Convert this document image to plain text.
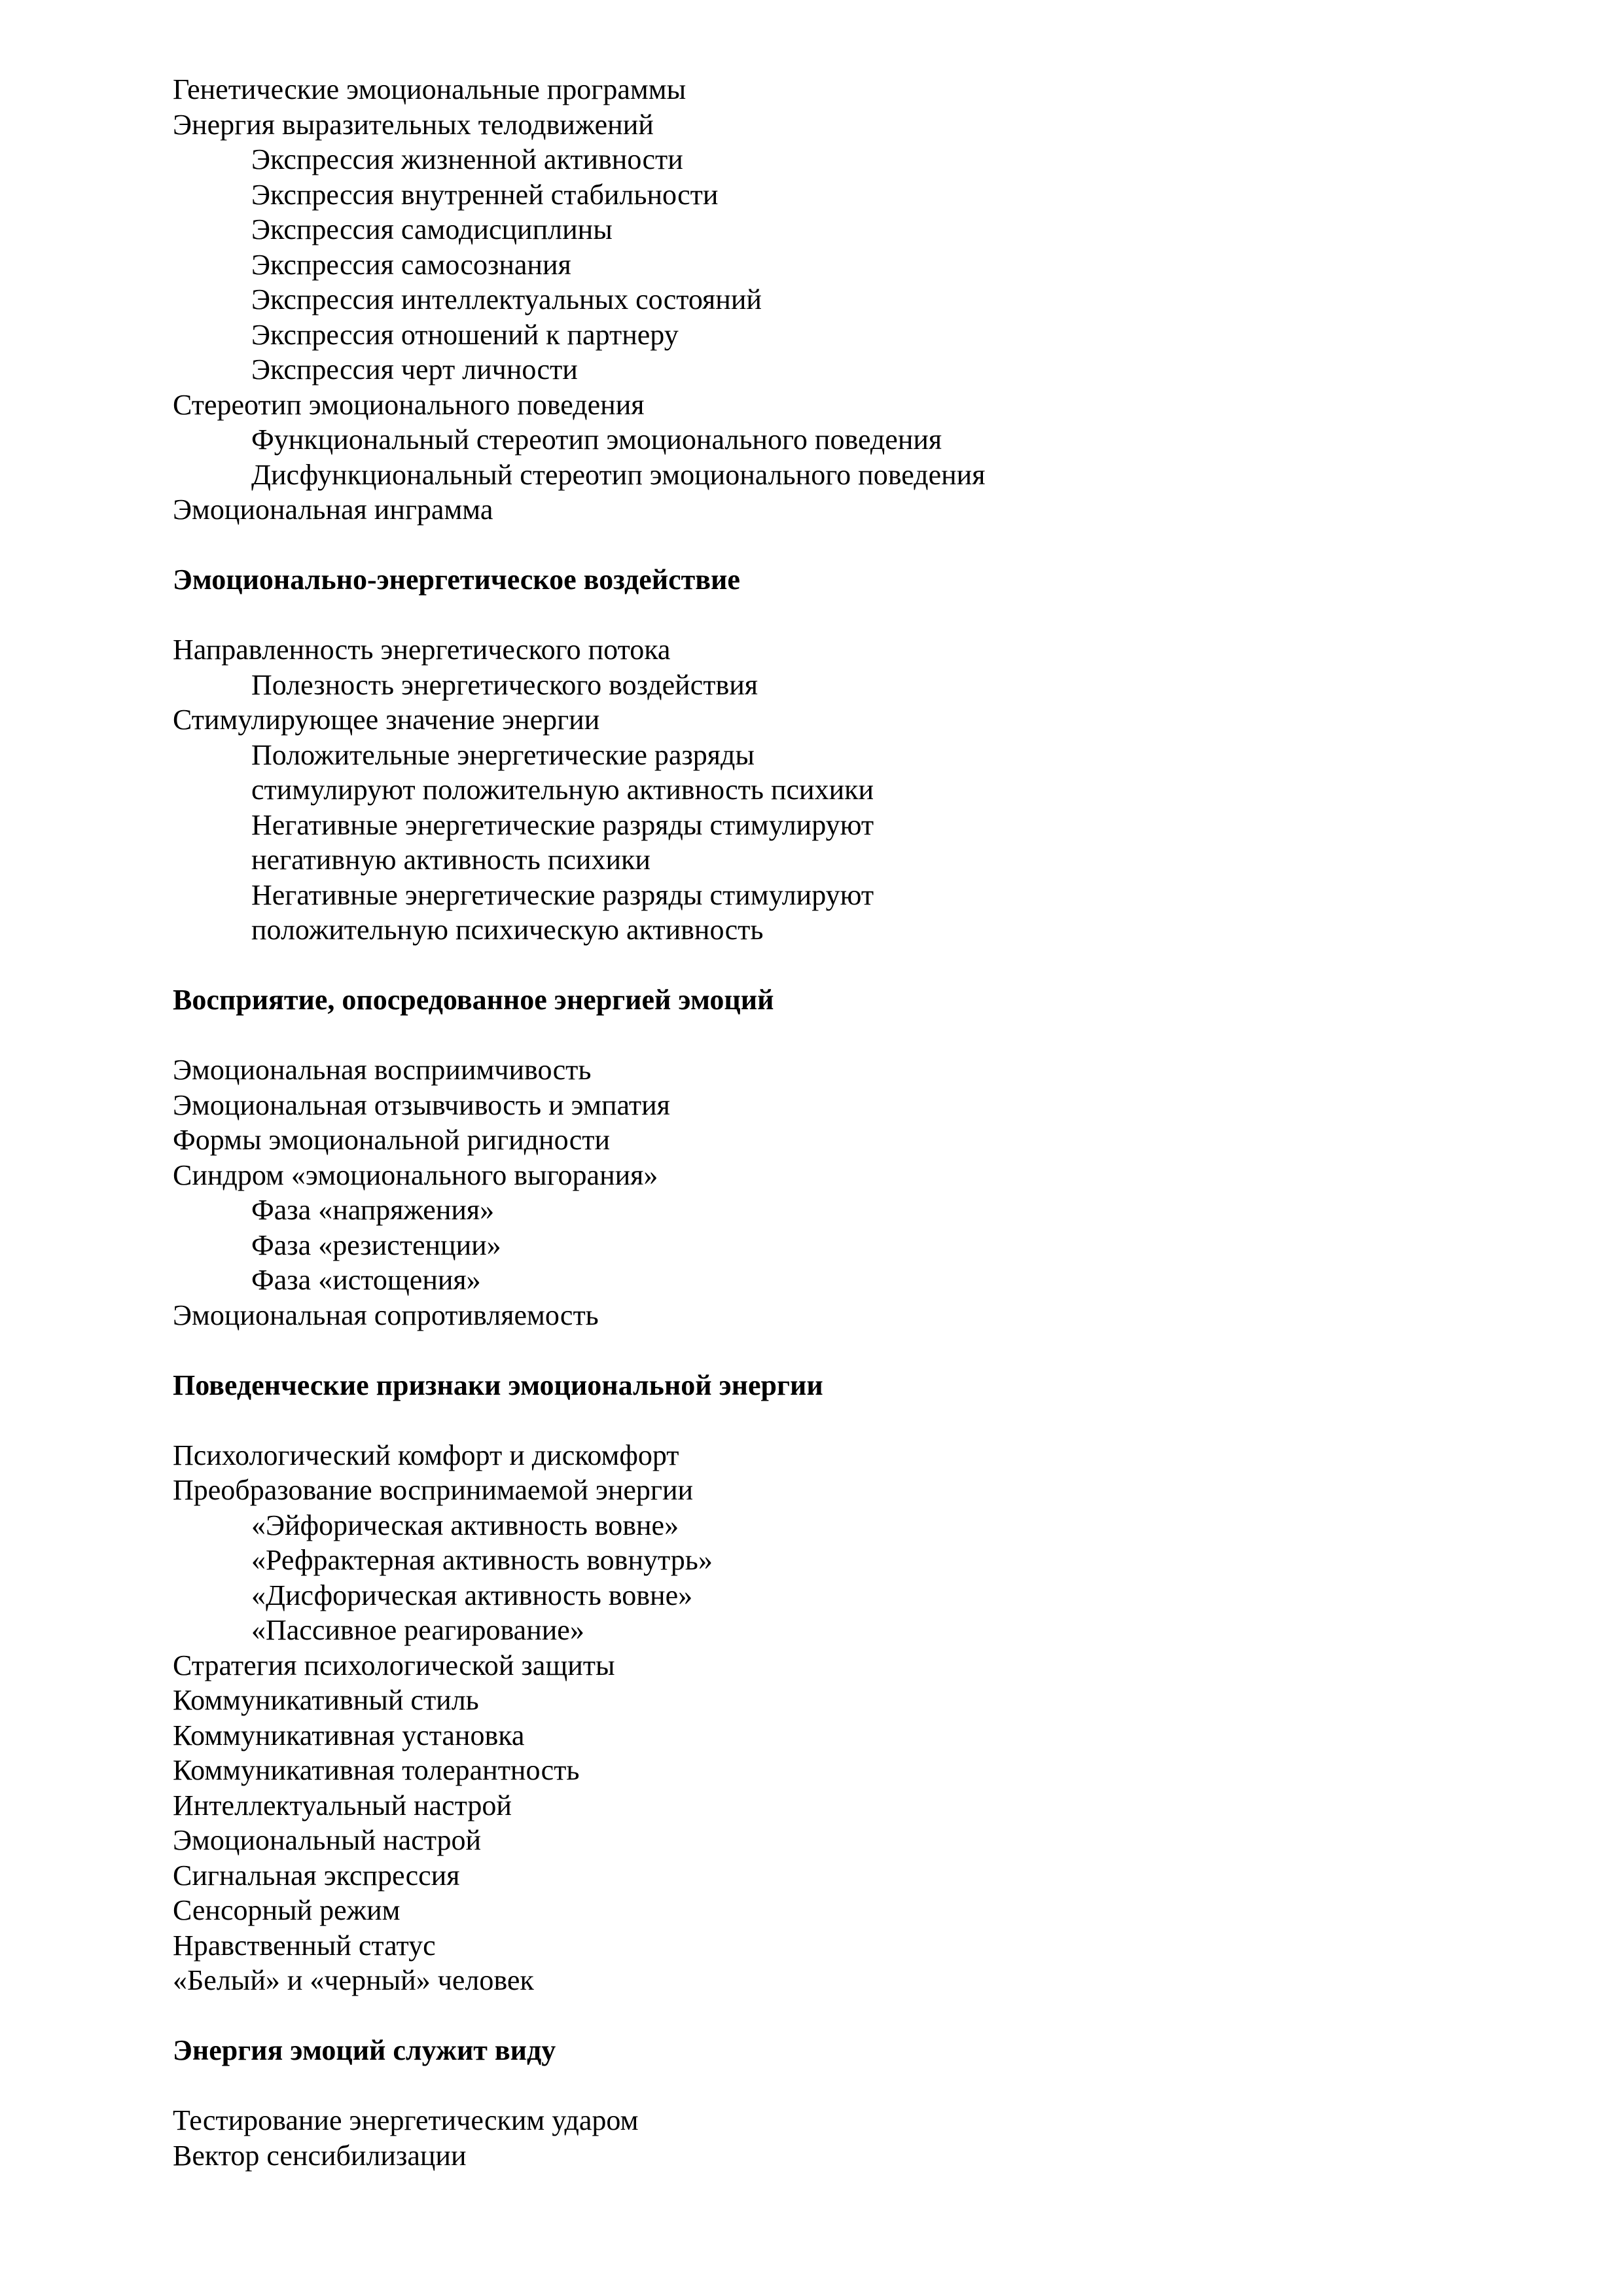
Генетические эмоциональные программы
Энергия выразительных телодвижений
Экспрессия жизненной активности
Экспрессия внутренней стабильности
Экспрессия самодисциплины
Экспрессия самосознания
Экспрессия интеллектуальных состояний
Экспрессия отношений к партнеру
Экспрессия черт личности
Стереотип эмоционального поведения
Функциональный стереотип эмоционального поведения
Дисфункциональный стереотип эмоционального поведения
Эмоциональная инграмма
Эмоционально-энергетическое воздействие
Направленность энергетического потока
Полезность энергетического воздействия
Стимулирующее значение энергии
Положительные энергетические разряды
стимулируют положительную активность психики
Негативные энергетические разряды стимулируют
негативную активность психики
Негативные энергетические разряды стимулируют
положительную психическую активность
Восприятие, опосредованное энергией эмоций
Эмоциональная восприимчивость
Эмоциональная отзывчивость и эмпатия
Формы эмоциональной ригидности
Синдром «эмоционального выгорания»
Фаза «напряжения»
Фаза «резистенции»
Фаза «истощения»
Эмоциональная сопротивляемость
Поведенческие признаки эмоциональной энергии
Психологический комфорт и дискомфорт
Преобразование воспринимаемой энергии
«Эйфорическая активность вовне»
«Рефрактерная активность вовнутрь»
«Дисфорическая активность вовне»
«Пассивное реагирование»
Стратегия психологической защиты
Коммуникативный стиль
Коммуникативная установка
Коммуникативная толерантность
Интеллектуальный настрой
Эмоциональный настрой
Сигнальная экспрессия
Сенсорный режим
Нравственный статус
«Белый» и «черный» человек
Энергия эмоций служит виду
Тестирование энергетическим ударом
Вектор сенсибилизации
